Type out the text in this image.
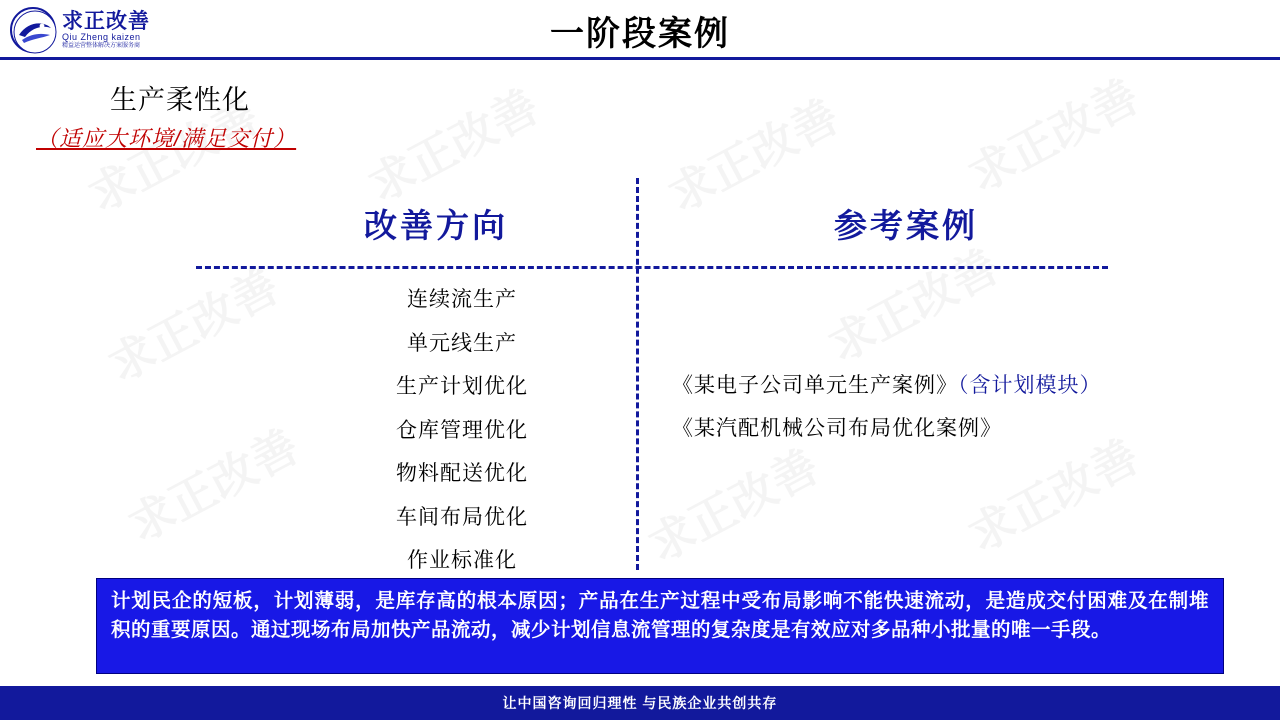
求正改善
Qiu Zheng kaizen
精益运营整体解决方案服务商	一阶段案例
生产柔性化
（适应大环境/满足交付）
改善方向	参考案例
连续流生产
单元线生产
生产计划优化
仓库管理优化
物料配送优化
车间布局优化
作业标准化
《某电子公司单元生产案例》（含计划模块）
《某汽配机械公司布局优化案例》

计划民企的短板，计划薄弱，是库存高的根本原因；产品在生产过程中受布局影响不能快速流动，是造成交付困难及在制堆积的重要原因。通过现场布局加快产品流动，减少计划信息流管理的复杂度是有效应对多品种小批量的唯一手段。

让中国咨询回归理性 与民族企业共创共存
